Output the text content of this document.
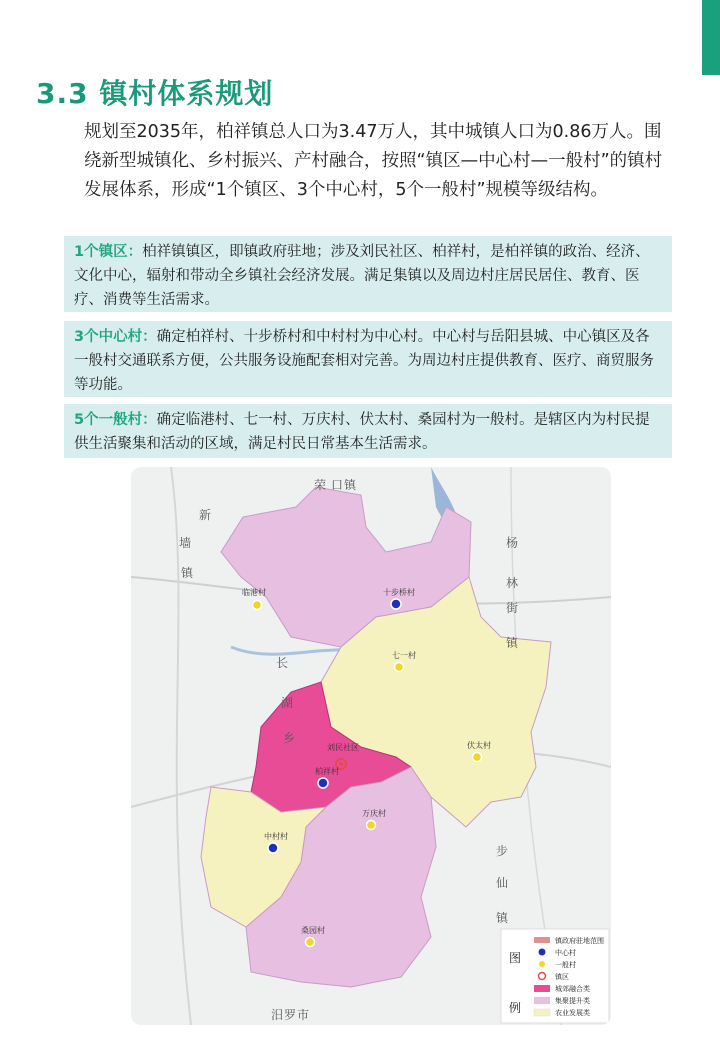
3.3 镇村体系规划

规划至2035年，柏祥镇总人口为3.47万人，其中城镇人口为0.86万人。围绕新型城镇化、乡村振兴、产村融合，按照“镇区—中心村—一般村”的镇村发展体系，形成“1个镇区、3个中心村，5个一般村”规模等级结构。

1个镇区：柏祥镇镇区，即镇政府驻地；涉及刘民社区、柏祥村，是柏祥镇的政治、经济、文化中心，辐射和带动全乡镇社会经济发展。满足集镇以及周边村庄居民居住、教育、医疗、消费等生活需求。
3个中心村：确定柏祥村、十步桥村和中村村为中心村。中心村与岳阳县城、中心镇区及各一般村交通联系方便，公共服务设施配套相对完善。为周边村庄提供教育、医疗、商贸服务等功能。
5个一般村：确定临港村、七一村、万庆村、伏太村、桑园村为一般村。是辖区内为村民提供生活聚集和活动的区域，满足村民日常基本生活需求。
新
墙
镇
荣 口 镇
杨
林
街
镇
长
湖
乡
步
仙
镇
汨 罗 市
刘民社区
十步桥村
柏祥村
中村村
临港村
七一村
伏太村
万庆村
桑园村
图
例
镇政府驻地范围
中心村
一般村
镇区
城郊融合类
集聚提升类
农业发展类
